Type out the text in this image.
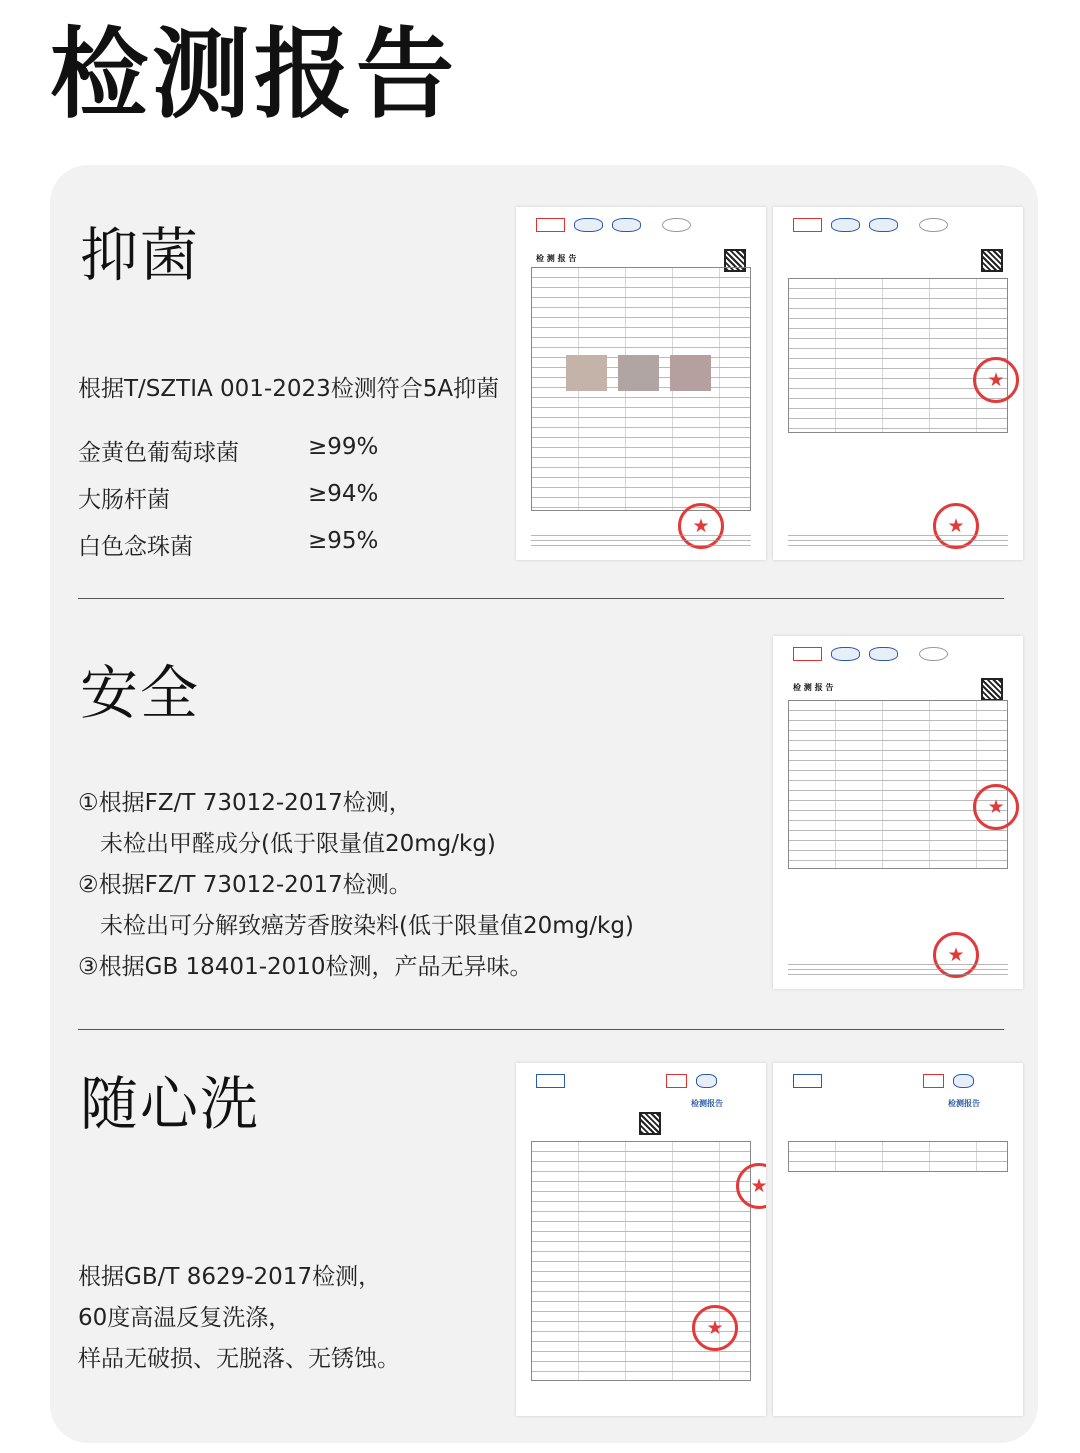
检测报告
抑菌
根据T/SZTIA 001-2023检测符合5A抑菌
金黄色葡萄球菌	≥99%
大肠杆菌	≥94%
白色念珠菌	≥95%
检 测 报 告
★
★
★
安全
①根据FZ/T 73012-2017检测，
未检出甲醛成分(低于限量值20mg/kg)
②根据FZ/T 73012-2017检测。
未检出可分解致癌芳香胺染料(低于限量值20mg/kg)
③根据GB 18401-2010检测，产品无异味。
检 测 报 告
★
★
随心洗
根据GB/T 8629-2017检测，
60度高温反复洗涤，
样品无破损、无脱落、无锈蚀。
检测报告
★
★	检测报告
